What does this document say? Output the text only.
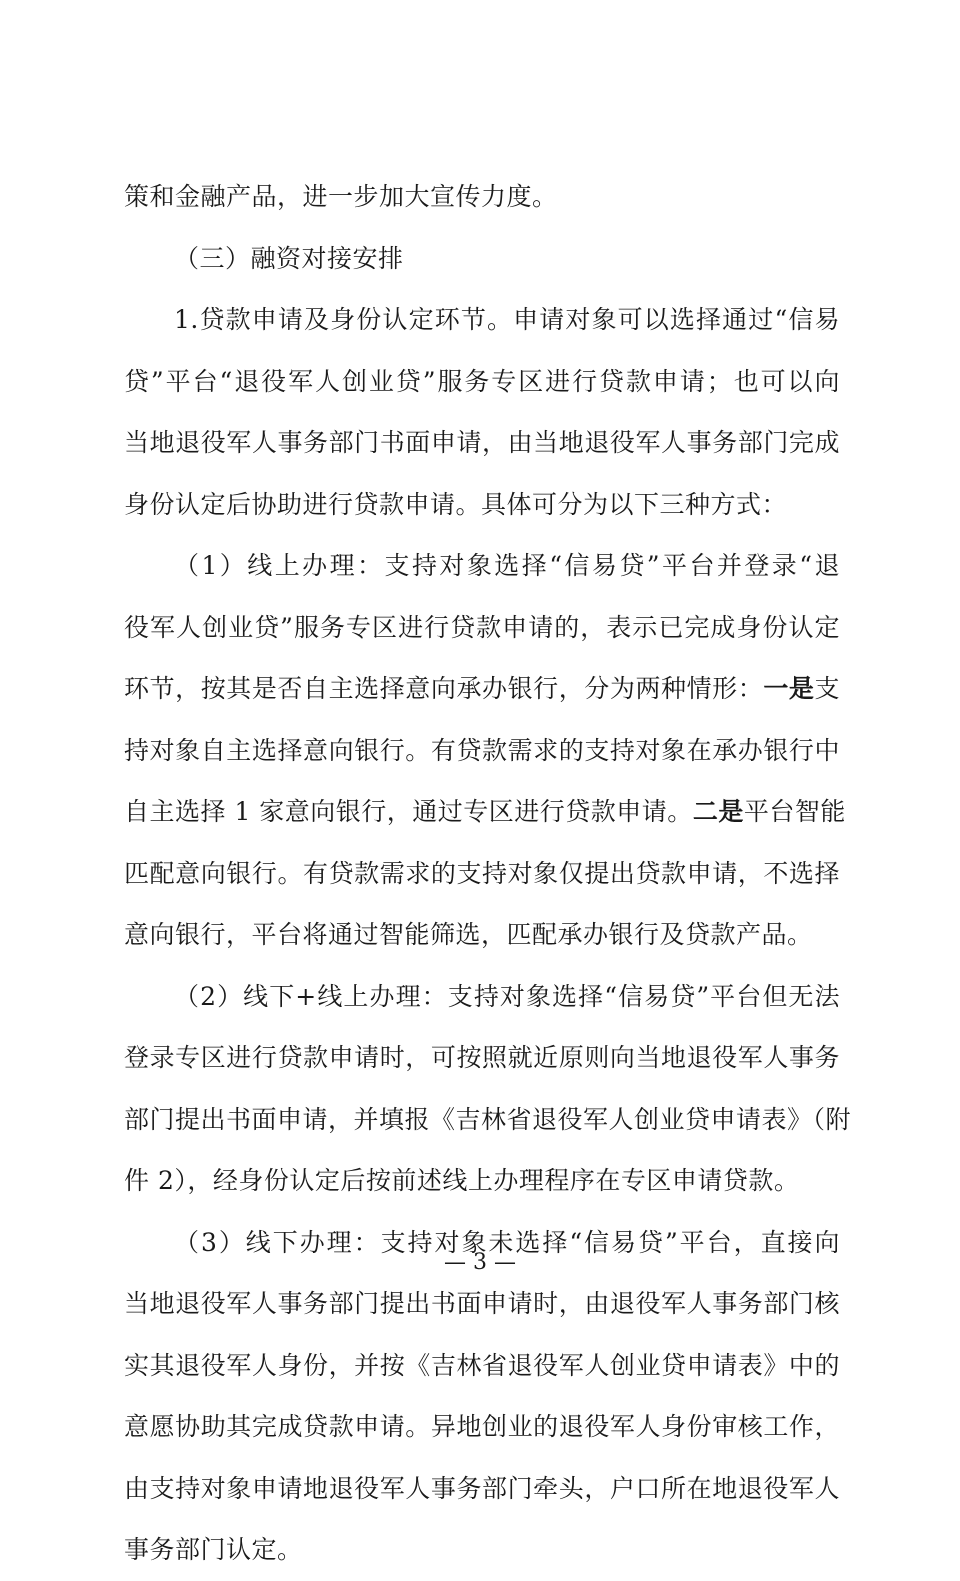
策和金融产品，进一步加大宣传力度。
（三）融资对接安排
1.贷款申请及身份认定环节。申请对象可以选择通过“信易
贷”平台“退役军人创业贷”服务专区进行贷款申请；也可以向
当地退役军人事务部门书面申请，由当地退役军人事务部门完成
身份认定后协助进行贷款申请。具体可分为以下三种方式：
（1）线上办理：支持对象选择“信易贷”平台并登录“退
役军人创业贷”服务专区进行贷款申请的，表示已完成身份认定
环节，按其是否自主选择意向承办银行，分为两种情形：一是支
持对象自主选择意向银行。有贷款需求的支持对象在承办银行中
自主选择 1 家意向银行，通过专区进行贷款申请。二是平台智能
匹配意向银行。有贷款需求的支持对象仅提出贷款申请，不选择
意向银行，平台将通过智能筛选，匹配承办银行及贷款产品。
（2）线下+线上办理：支持对象选择“信易贷”平台但无法
登录专区进行贷款申请时，可按照就近原则向当地退役军人事务
部门提出书面申请，并填报《吉林省退役军人创业贷申请表》（附
件 2），经身份认定后按前述线上办理程序在专区申请贷款。
（3）线下办理：支持对象未选择“信易贷”平台，直接向
当地退役军人事务部门提出书面申请时，由退役军人事务部门核
实其退役军人身份，并按《吉林省退役军人创业贷申请表》中的
意愿协助其完成贷款申请。异地创业的退役军人身份审核工作，
由支持对象申请地退役军人事务部门牵头，户口所在地退役军人
事务部门认定。
— 3 —
